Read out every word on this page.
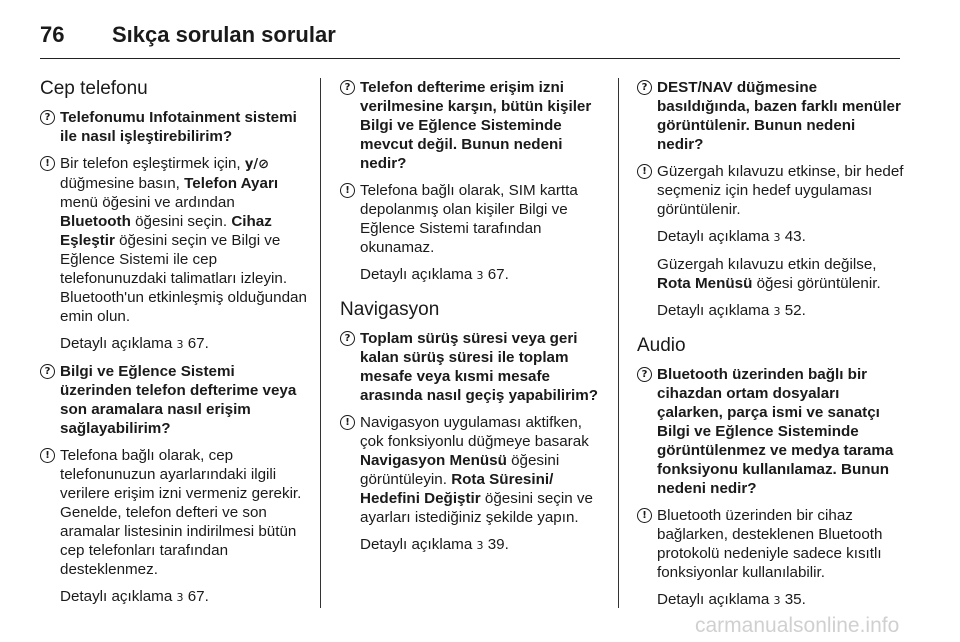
76 Sıkça sorulan sorular
Cep telefonu
? Telefonumu Infotainment sistemi ile nasıl işleştirebilirim?
! Bir telefon eşleştirmek için, y/⊘ düğmesine basın, Telefon Ayarı menü öğesini ve ardından Bluetooth öğesini seçin. Cihaz Eşleştir öğesini seçin ve Bilgi ve Eğlence Sistemi ile cep telefonunuzdaki talimatları izleyin. Bluetooth'un etkinleşmiş olduğundan emin olun.
Detaylı açıklama 3 67.
? Bilgi ve Eğlence Sistemi üzerinden telefon defterime veya son aramalara nasıl erişim sağlayabilirim?
! Telefona bağlı olarak, cep telefonunuzun ayarlarındaki ilgili verilere erişim izni vermeniz gerekir. Genelde, telefon defteri ve son aramalar listesinin indirilmesi bütün cep telefonları tarafından desteklenmez.
Detaylı açıklama 3 67.
? Telefon defterime erişim izni verilmesine karşın, bütün kişiler Bilgi ve Eğlence Sisteminde mevcut değil. Bunun nedeni nedir?
! Telefona bağlı olarak, SIM kartta depolanmış olan kişiler Bilgi ve Eğlence Sistemi tarafından okunamaz.
Detaylı açıklama 3 67.
Navigasyon
? Toplam sürüş süresi veya geri kalan sürüş süresi ile toplam mesafe veya kısmi mesafe arasında nasıl geçiş yapabilirim?
! Navigasyon uygulaması aktifken, çok fonksiyonlu düğmeye basarak Navigasyon Menüsü öğesini görüntüleyin. Rota Süresini/ Hedefini Değiştir öğesini seçin ve ayarları istediğiniz şekilde yapın.
Detaylı açıklama 3 39.
? DEST/NAV düğmesine basıldığında, bazen farklı menüler görüntülenir. Bunun nedeni nedir?
! Güzergah kılavuzu etkinse, bir hedef seçmeniz için hedef uygulaması görüntülenir.
Detaylı açıklama 3 43.
Güzergah kılavuzu etkin değilse, Rota Menüsü öğesi görüntülenir.
Detaylı açıklama 3 52.
Audio
? Bluetooth üzerinden bağlı bir cihazdan ortam dosyaları çalarken, parça ismi ve sanatçı Bilgi ve Eğlence Sisteminde görüntülenmez ve medya tarama fonksiyonu kullanılamaz. Bunun nedeni nedir?
! Bluetooth üzerinden bir cihaz bağlarken, desteklenen Bluetooth protokolü nedeniyle sadece kısıtlı fonksiyonlar kullanılabilir.
Detaylı açıklama 3 35.
carmanualsonline.info
